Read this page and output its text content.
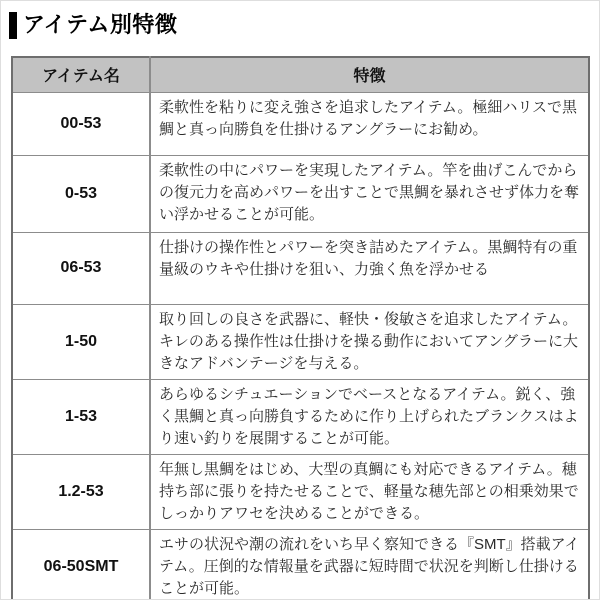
アイテム別特徴
アイテム名	特徴
00-53	柔軟性を粘りに変え強さを追求したアイテム。極細ハリスで黒鯛と真っ向勝負を仕掛けるアングラーにお勧め。
0-53	柔軟性の中にパワーを実現したアイテム。竿を曲げこんでからの復元力を高めパワーを出すことで黒鯛を暴れさせず体力を奪い浮かせることが可能。
06-53	仕掛けの操作性とパワーを突き詰めたアイテム。黒鯛特有の重量級のウキや仕掛けを狙い、力強く魚を浮かせる
1-50	取り回しの良さを武器に、軽快・俊敏さを追求したアイテム。キレのある操作性は仕掛けを操る動作においてアングラーに大きなアドバンテージを与える。
1-53	あらゆるシチュエーションでベースとなるアイテム。鋭く、強く黒鯛と真っ向勝負するために作り上げられたブランクスはより速い釣りを展開することが可能。
1.2-53	年無し黒鯛をはじめ、大型の真鯛にも対応できるアイテム。穂持ち部に張りを持たせることで、軽量な穂先部との相乗効果でしっかりアワセを決めることができる。
06-50SMT	エサの状況や潮の流れをいち早く察知できる『SMT』搭載アイテム。圧倒的な情報量を武器に短時間で状況を判断し仕掛けることが可能。
